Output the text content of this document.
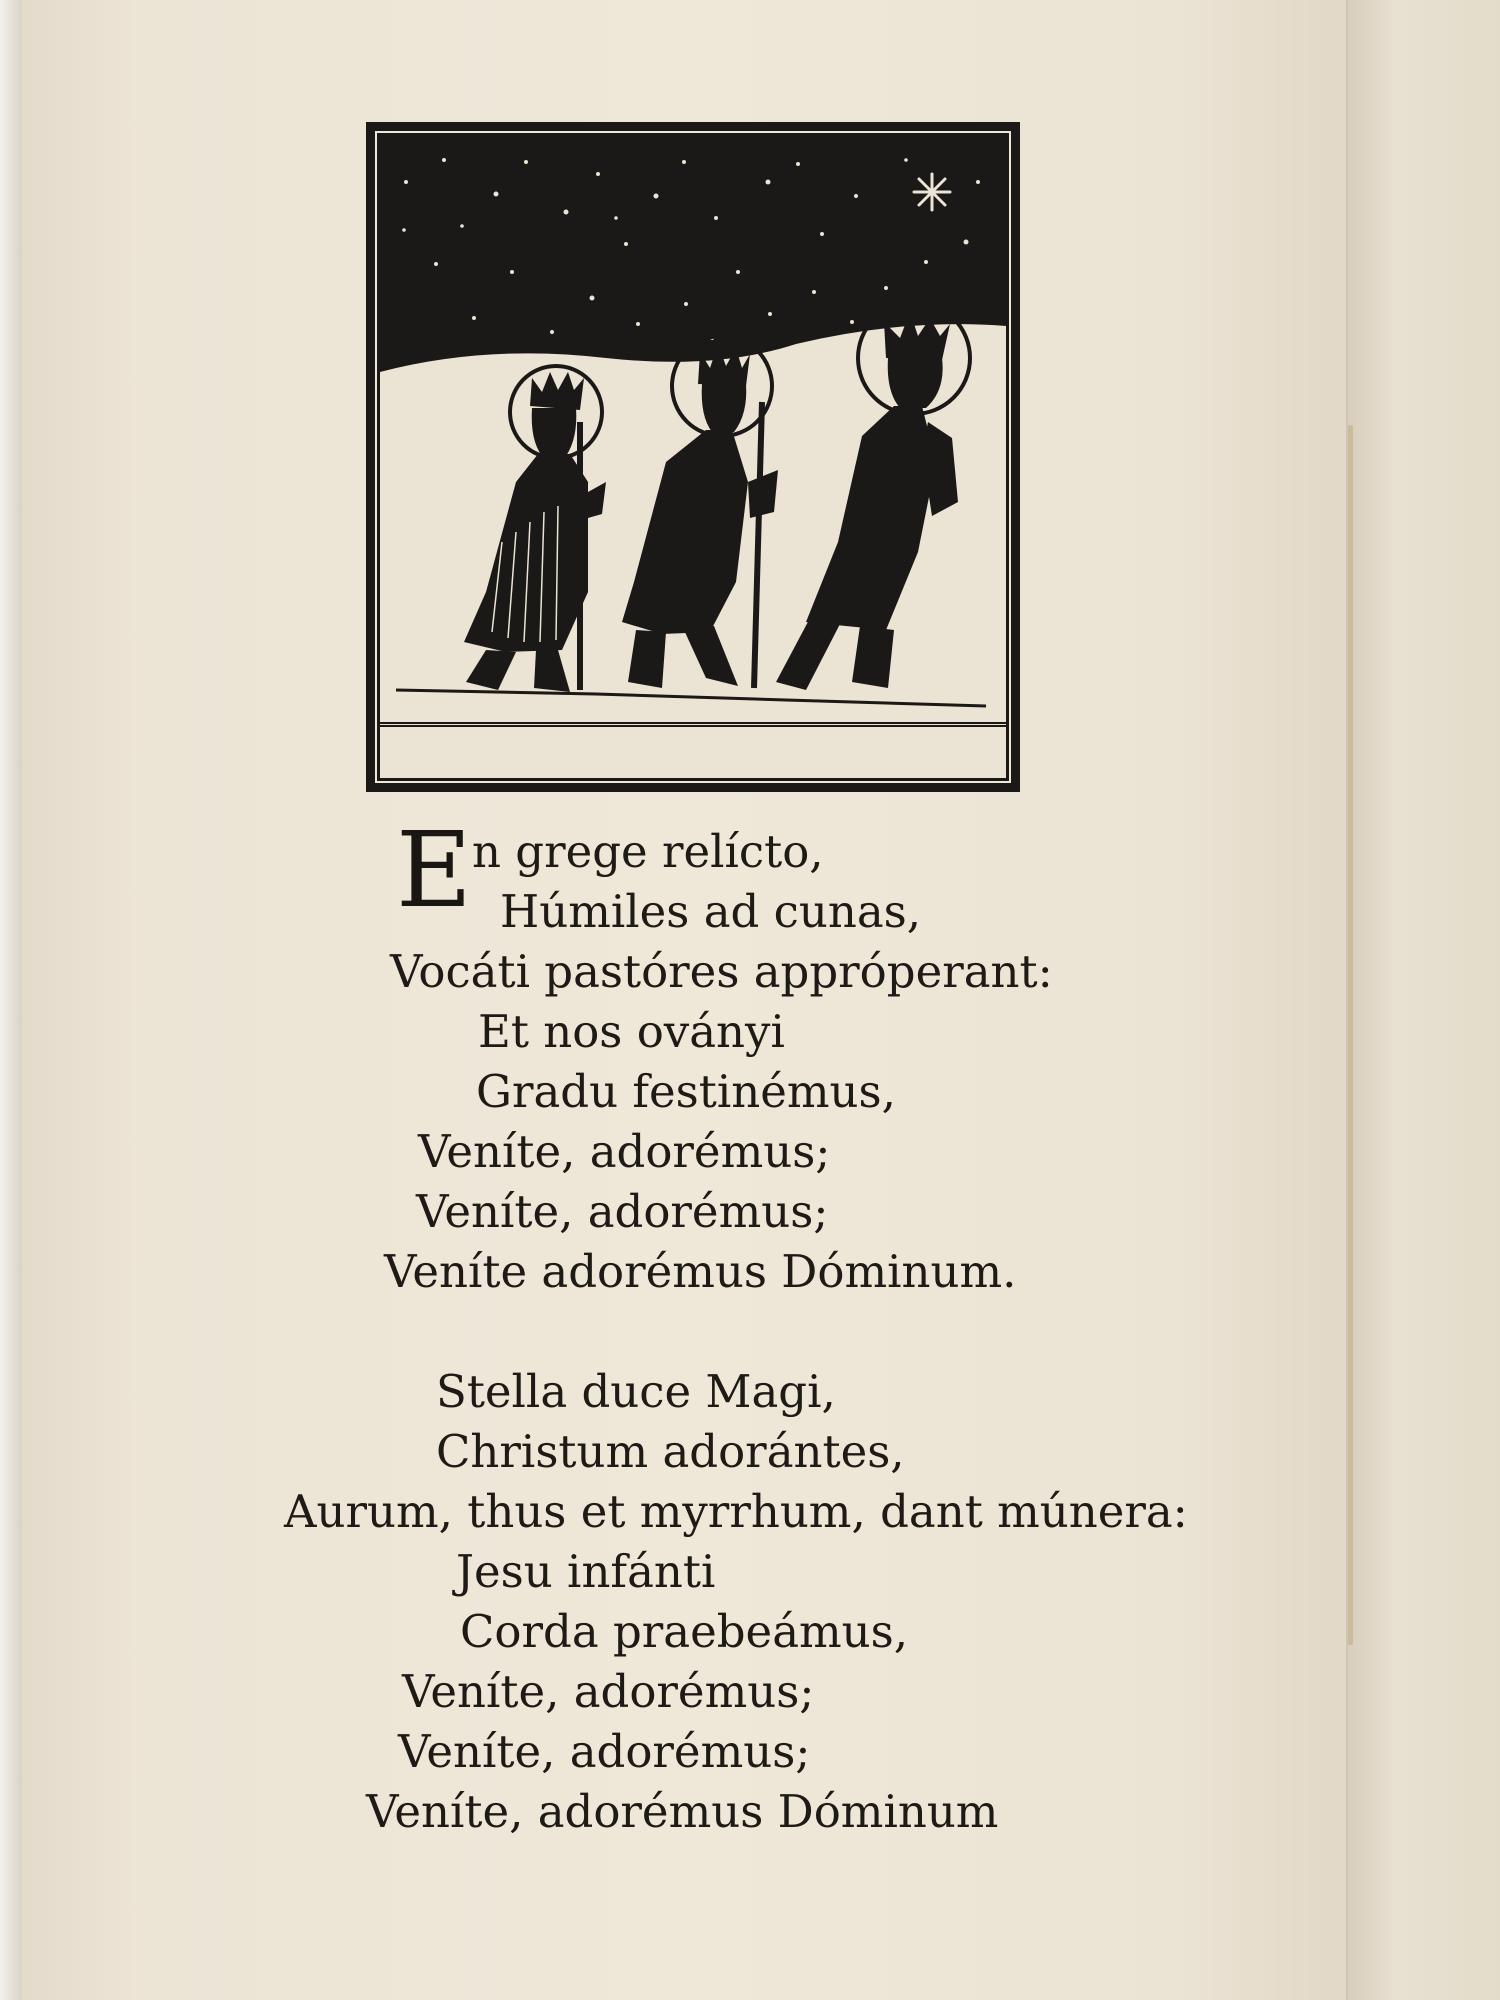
E n grege relícto,
Húmiles ad cunas,
Vocáti pastóres appróperant:
Et nos oványi
Gradu festinémus,
Veníte, adorémus;
Veníte, adorémus;
Veníte adorémus Dóminum.
Stella duce Magi,
Christum adorántes,
Aurum, thus et myrrhum, dant múnera:
Jesu infánti
Corda praebeámus,
Veníte, adorémus;
Veníte, adorémus;
Veníte, adorémus Dóminum
